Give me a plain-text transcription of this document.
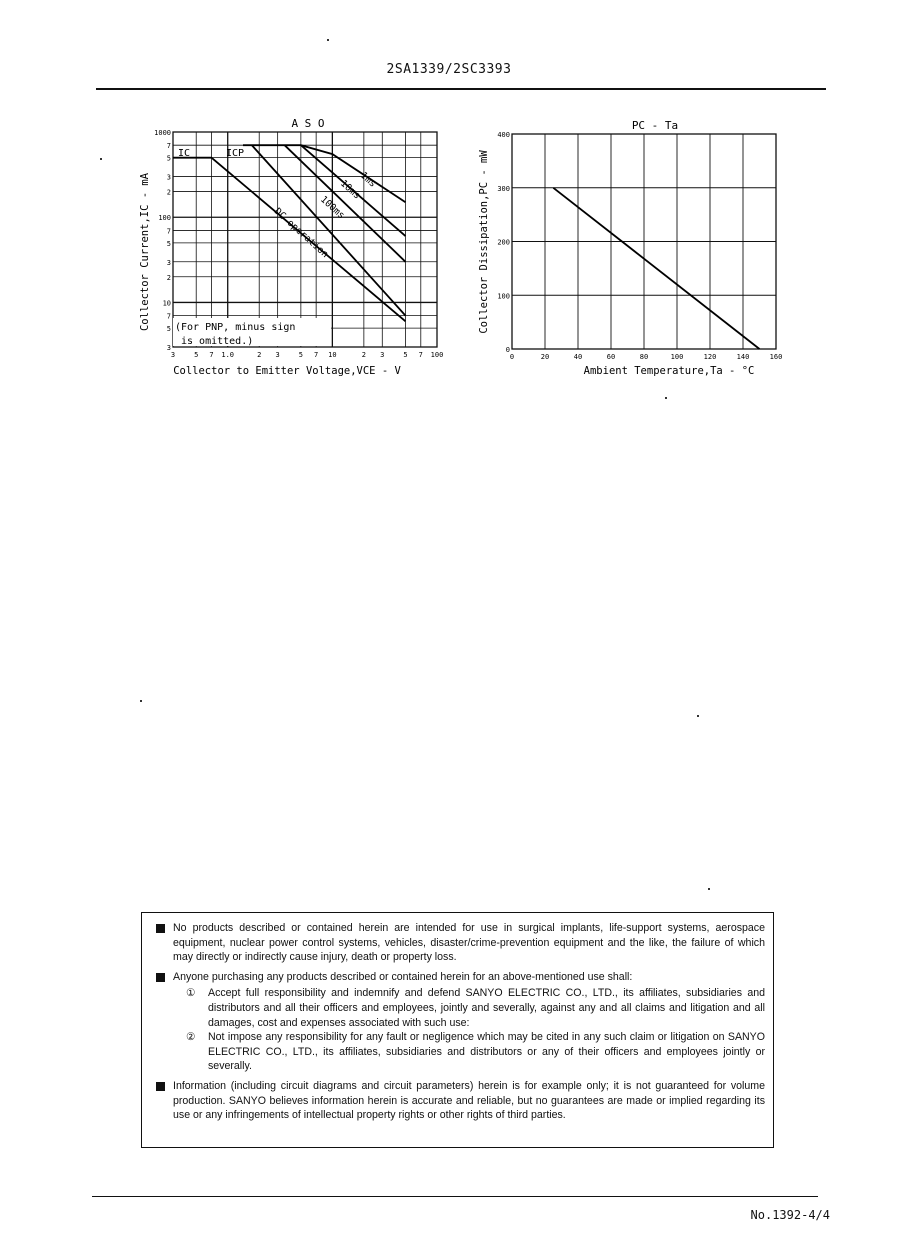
2SA1339/2SC3393
A S O
1000
7
5
3
2
100
7
5
3
2
10
7
5
3
3	5 7 1.0	2 3	5 7 10	2 3	5 7 100
IC	ICP
1ms
10ms
100ms
DC operation
(For PNP, minus sign
is omitted.)
Collector Current,IC - mA
Collector to Emitter Voltage,VCE - V
PC - Ta
0
100
200
300
400
0	20	40	60	80	100	120	140	160
Collector Dissipation,PC - mW
Ambient Temperature,Ta - °C
No products described or contained herein are intended for use in surgical implants, life-support systems, aerospace equipment, nuclear power control systems, vehicles, disaster/crime-prevention equipment and the like, the failure of which may directly or indirectly cause injury, death or property loss.
Anyone purchasing any products described or contained herein for an above-mentioned use shall:
① Accept full responsibility and indemnify and defend SANYO ELECTRIC CO., LTD., its affiliates, subsidiaries and distributors and all their officers and employees, jointly and severally, against any and all claims and litigation and all damages, cost and expenses associated with such use:
② Not impose any responsibility for any fault or negligence which may be cited in any such claim or litigation on SANYO ELECTRIC CO., LTD., its affiliates, subsidiaries and distributors or any of their officers and employees jointly or severally.
Information (including circuit diagrams and circuit parameters) herein is for example only; it is not guaranteed for volume production. SANYO believes information herein is accurate and reliable, but no guarantees are made or implied regarding its use or any infringements of intellectual property rights or other rights of third parties.
No.1392-4/4
